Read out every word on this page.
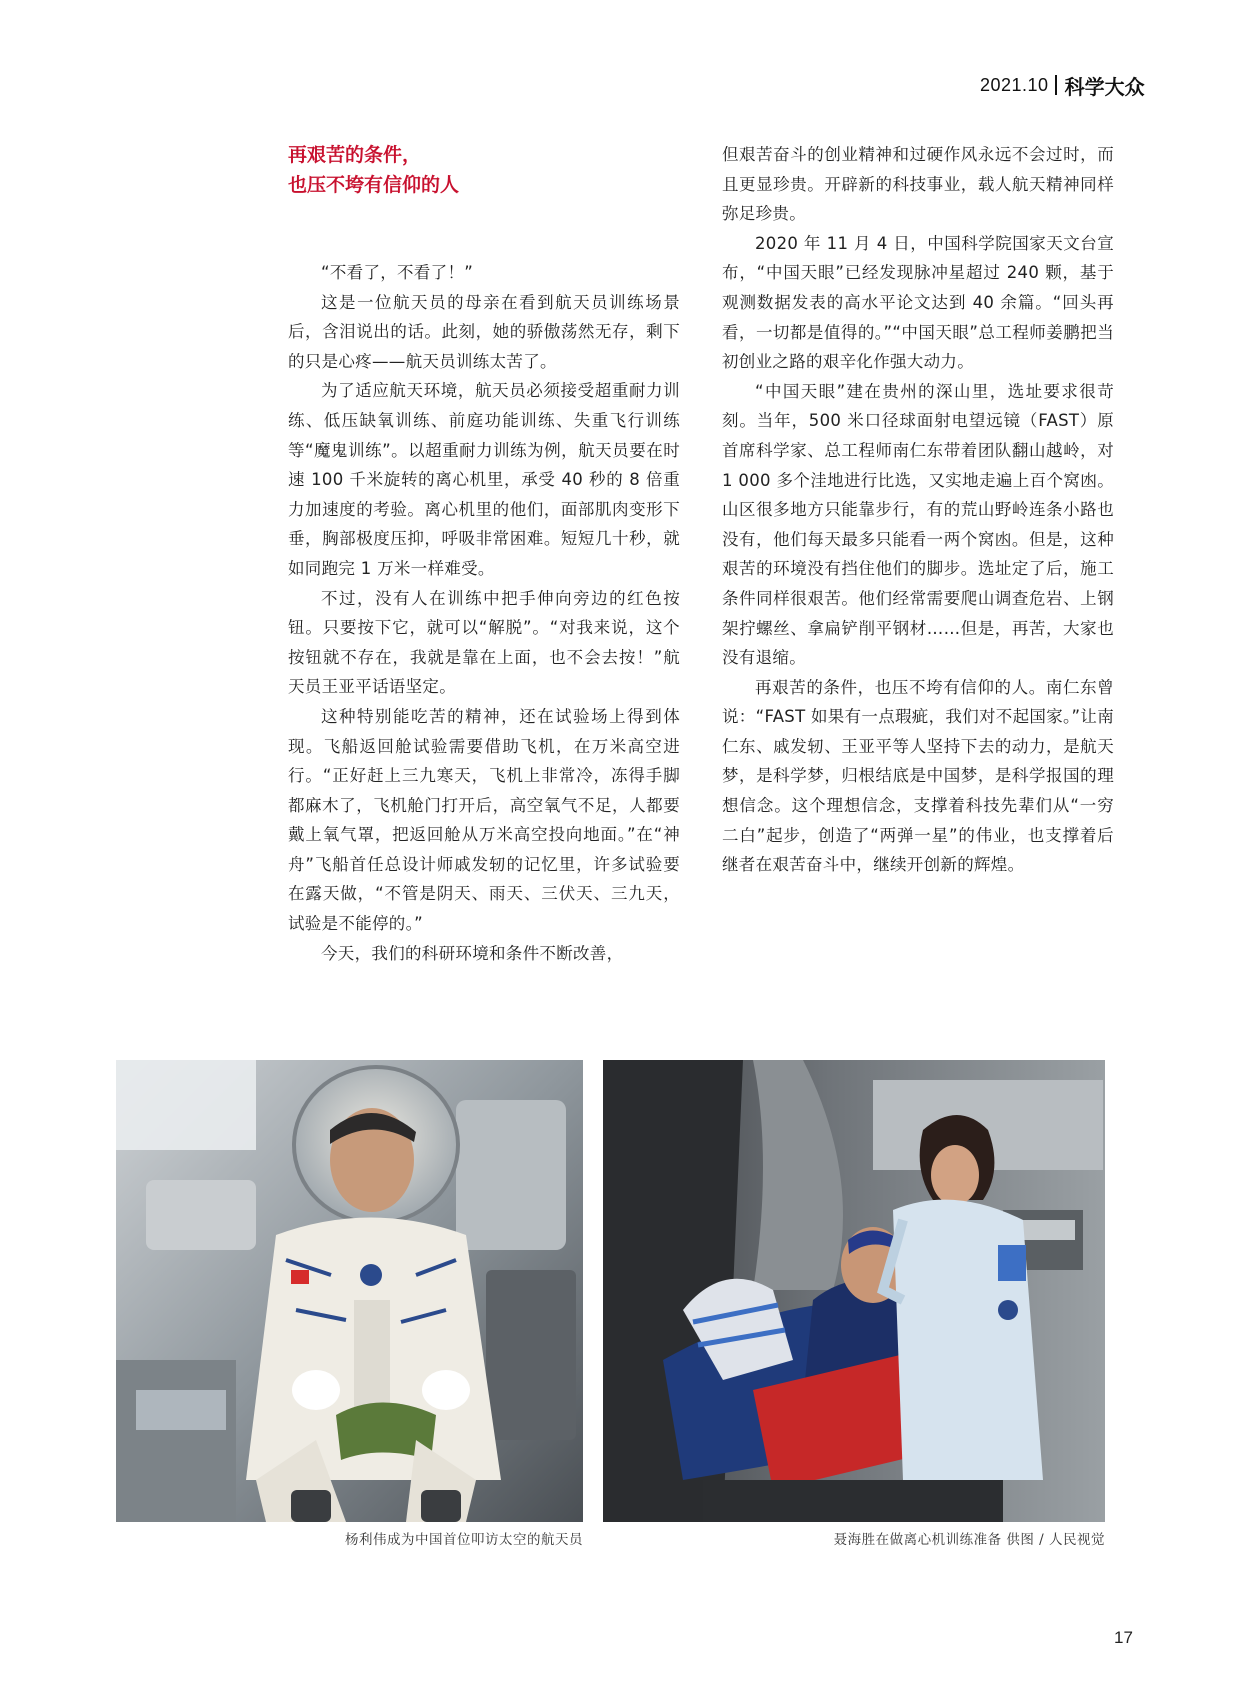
2021.10 科学大众
再艰苦的条件，
也压不垮有信仰的人

“不看了，不看了！”

这是一位航天员的母亲在看到航天员训练场景后，含泪说出的话。此刻，她的骄傲荡然无存，剩下的只是心疼——航天员训练太苦了。

为了适应航天环境，航天员必须接受超重耐力训练、低压缺氧训练、前庭功能训练、失重飞行训练等“魔鬼训练”。以超重耐力训练为例，航天员要在时速 100 千米旋转的离心机里，承受 40 秒的 8 倍重力加速度的考验。离心机里的他们，面部肌肉变形下垂，胸部极度压抑，呼吸非常困难。短短几十秒，就如同跑完 1 万米一样难受。

不过，没有人在训练中把手伸向旁边的红色按钮。只要按下它，就可以“解脱”。“对我来说，这个按钮就不存在，我就是靠在上面，也不会去按！”航天员王亚平话语坚定。

这种特别能吃苦的精神，还在试验场上得到体现。飞船返回舱试验需要借助飞机，在万米高空进行。“正好赶上三九寒天，飞机上非常冷，冻得手脚都麻木了，飞机舱门打开后，高空氧气不足，人都要戴上氧气罩，把返回舱从万米高空投向地面。”在“神舟”飞船首任总设计师戚发轫的记忆里，许多试验要在露天做，“不管是阴天、雨天、三伏天、三九天，试验是不能停的。”

今天，我们的科研环境和条件不断改善，

但艰苦奋斗的创业精神和过硬作风永远不会过时，而且更显珍贵。开辟新的科技事业，载人航天精神同样弥足珍贵。

2020 年 11 月 4 日，中国科学院国家天文台宣布，“中国天眼”已经发现脉冲星超过 240 颗，基于观测数据发表的高水平论文达到 40 余篇。“回头再看，一切都是值得的。”“中国天眼”总工程师姜鹏把当初创业之路的艰辛化作强大动力。

“中国天眼”建在贵州的深山里，选址要求很苛刻。当年，500 米口径球面射电望远镜（FAST）原首席科学家、总工程师南仁东带着团队翻山越岭，对 1 000 多个洼地进行比选，又实地走遍上百个窝凼。山区很多地方只能靠步行，有的荒山野岭连条小路也没有，他们每天最多只能看一两个窝凼。但是，这种艰苦的环境没有挡住他们的脚步。选址定了后，施工条件同样很艰苦。他们经常需要爬山调查危岩、上钢架拧螺丝、拿扁铲削平钢材……但是，再苦，大家也没有退缩。

再艰苦的条件，也压不垮有信仰的人。南仁东曾说：“FAST 如果有一点瑕疵，我们对不起国家。”让南仁东、戚发轫、王亚平等人坚持下去的动力，是航天梦，是科学梦，归根结底是中国梦，是科学报国的理想信念。这个理想信念，支撑着科技先辈们从“一穷二白”起步，创造了“两弹一星”的伟业，也支撑着后继者在艰苦奋斗中，继续开创新的辉煌。

杨利伟成为中国首位叩访太空的航天员	聂海胜在做离心机训练准备 供图 / 人民视觉
17
